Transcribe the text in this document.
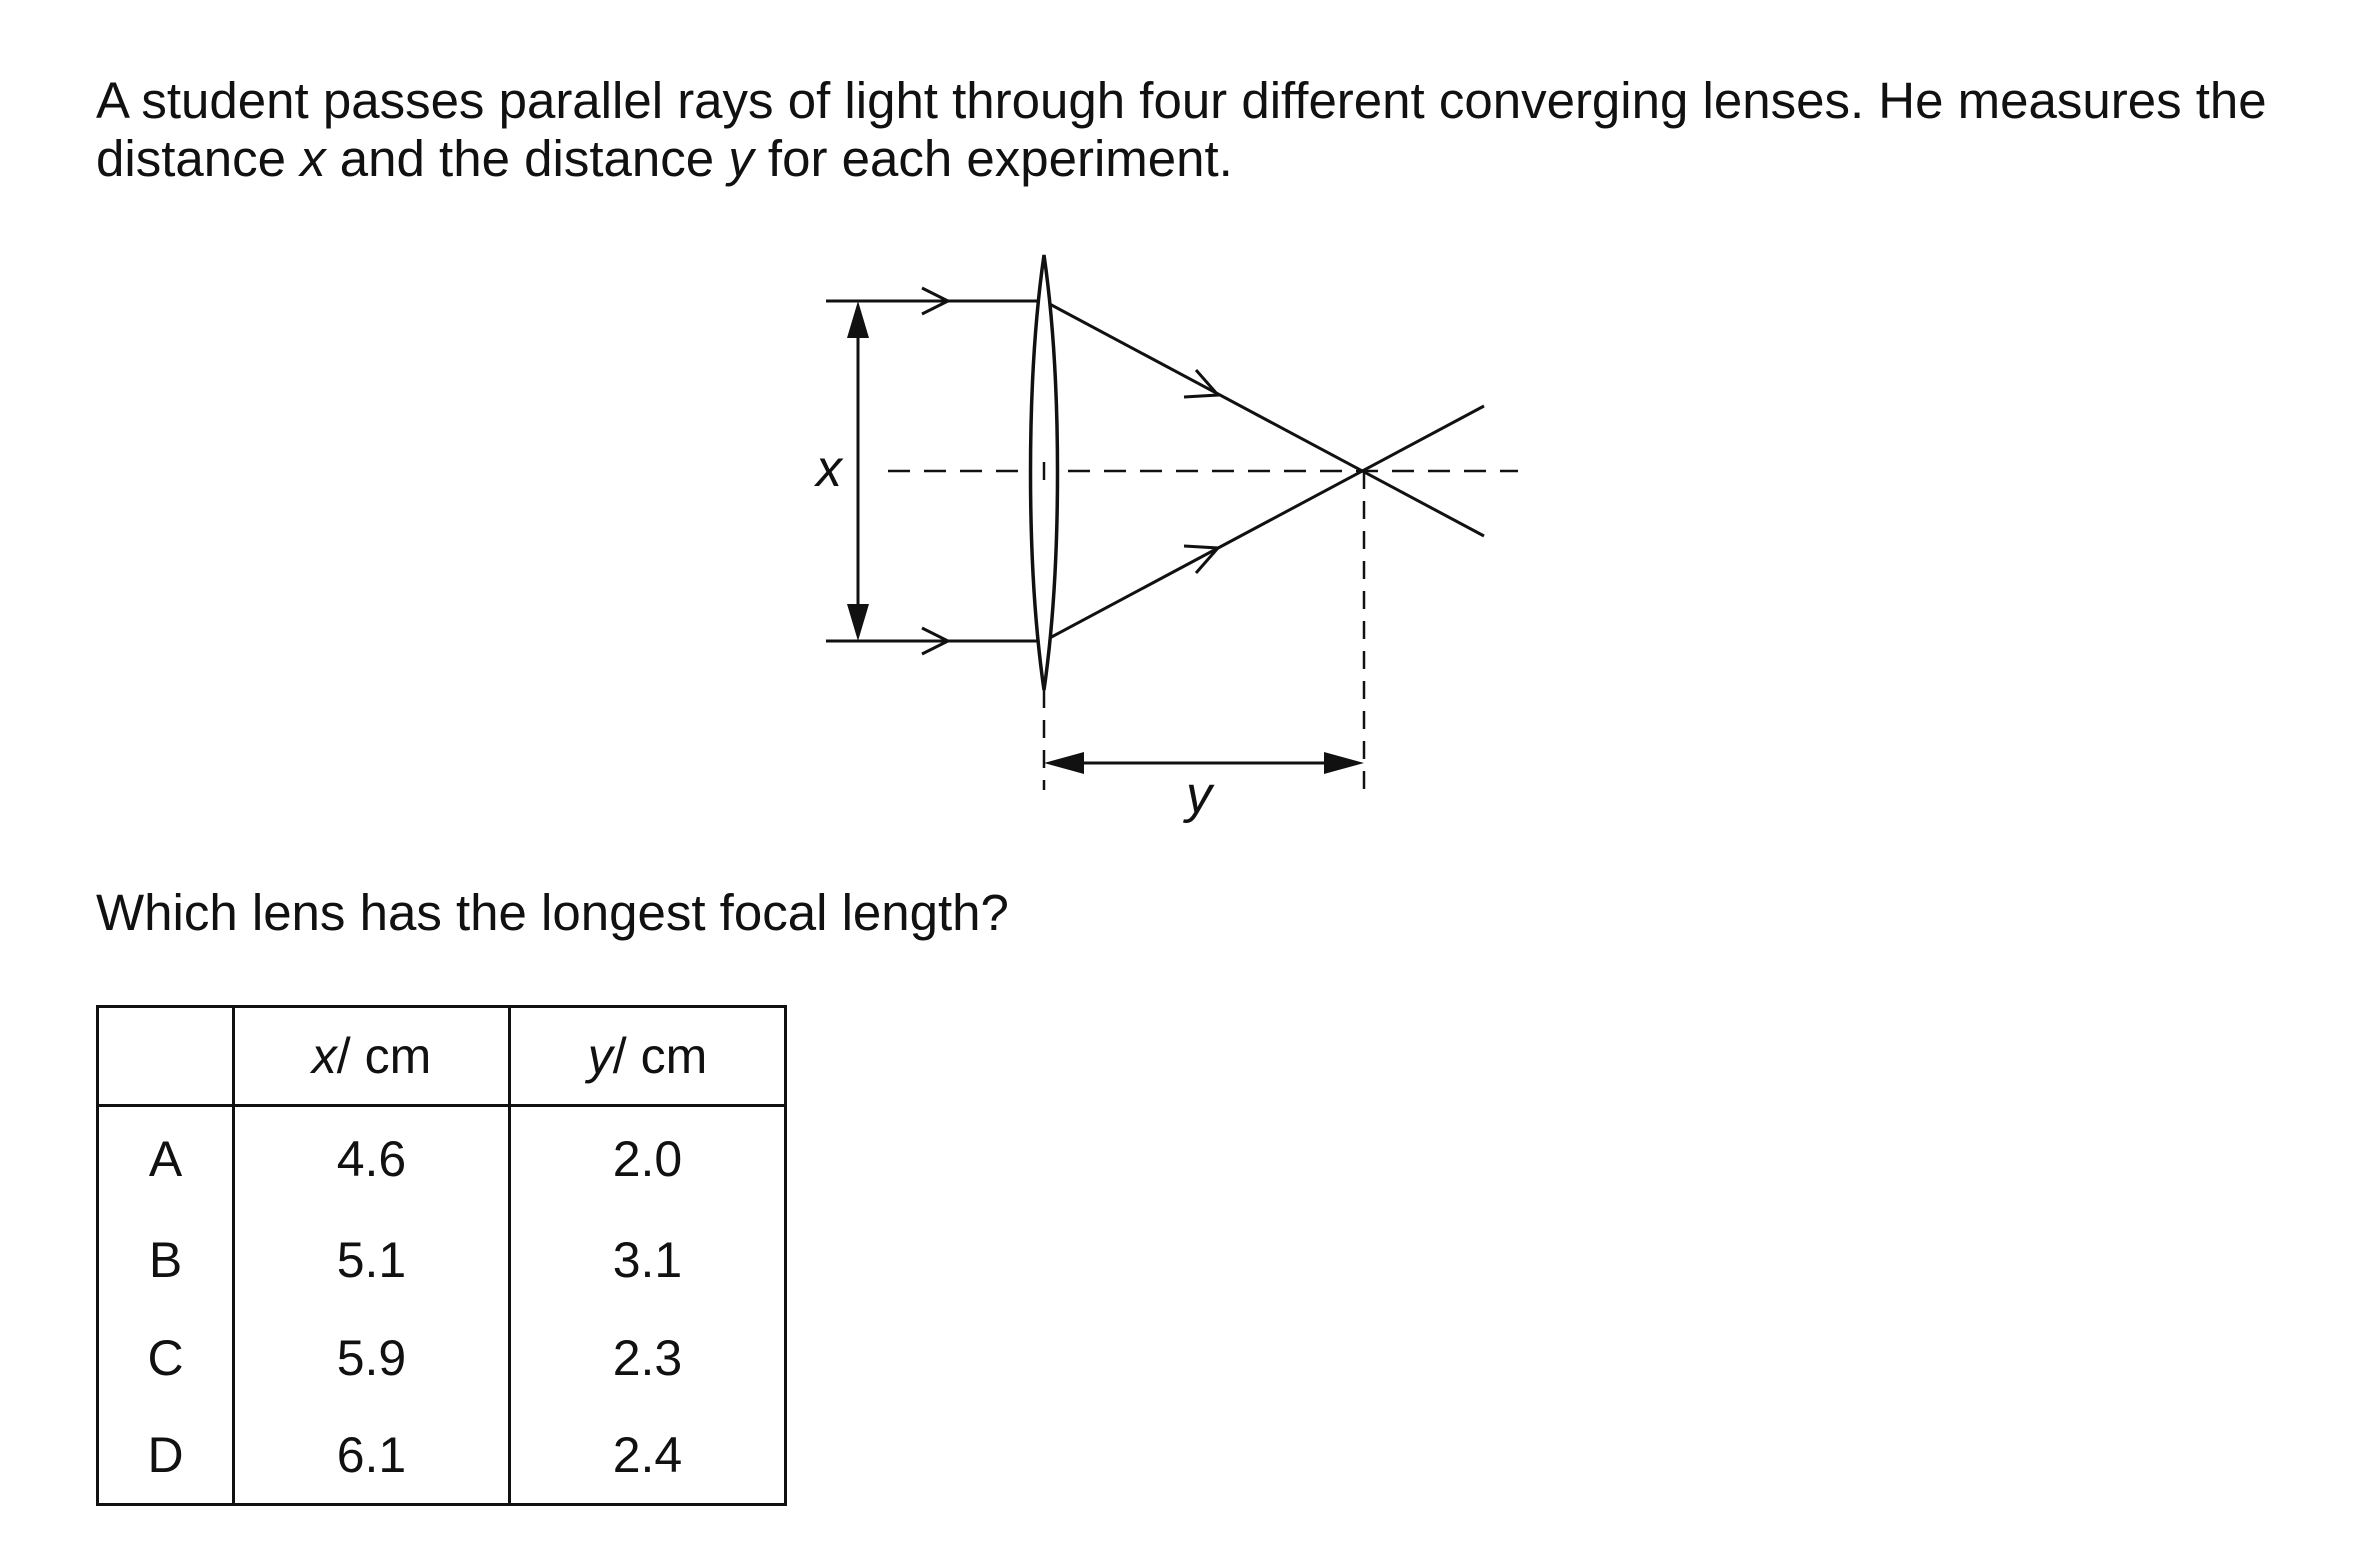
A student passes parallel rays of light through four different converging lenses. He measures the distance x and the distance y for each experiment.

x
y

Which lens has the longest focal length?

	x/ cm	y/ cm
A	4.6	2.0
B	5.1	3.1
C	5.9	2.3
D	6.1	2.4
